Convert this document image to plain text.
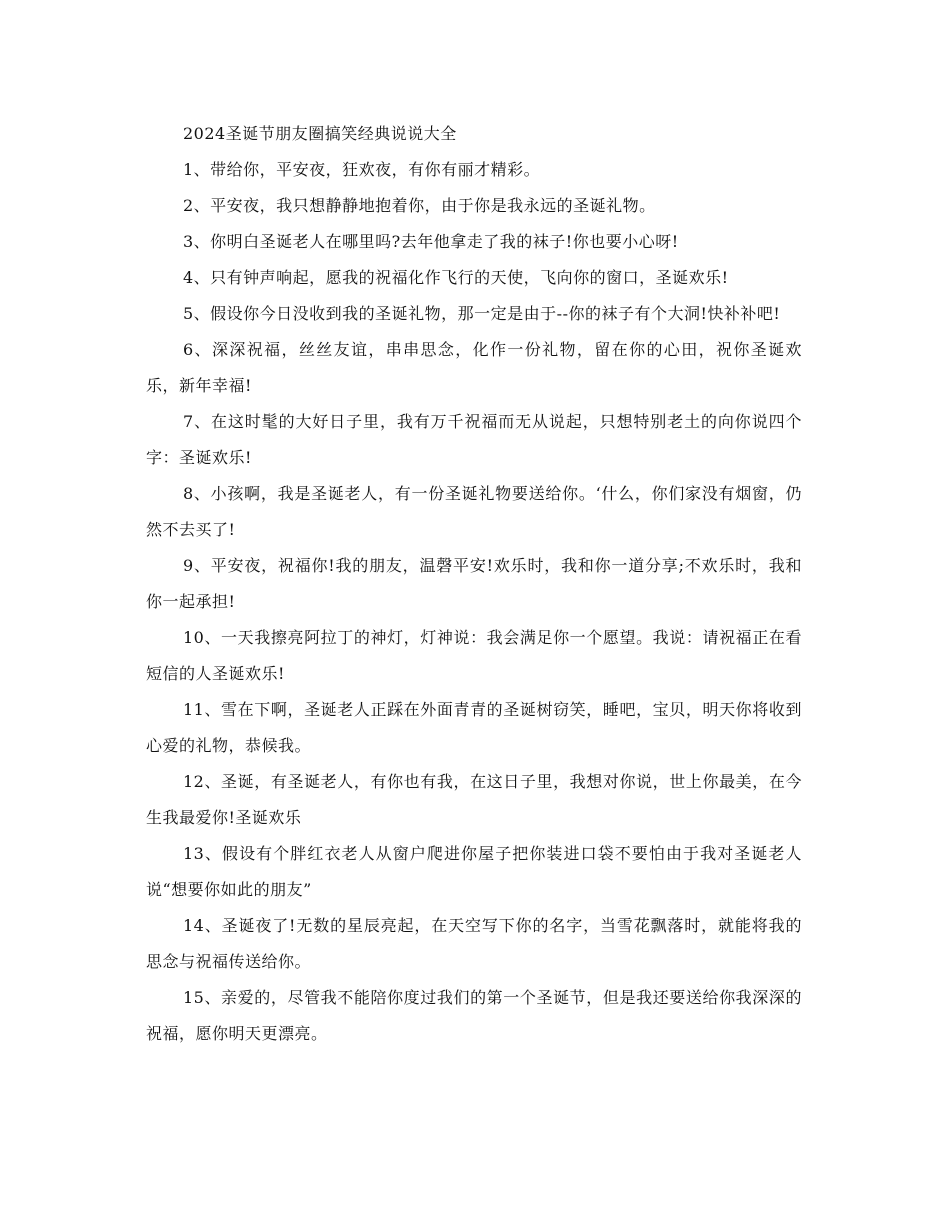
2024圣诞节朋友圈搞笑经典说说大全

1、带给你，平安夜，狂欢夜，有你有丽才精彩。

2、平安夜，我只想静静地抱着你，由于你是我永远的圣诞礼物。

3、你明白圣诞老人在哪里吗?去年他拿走了我的袜子!你也要小心呀!

4、只有钟声响起，愿我的祝福化作飞行的天使，飞向你的窗口，圣诞欢乐!

5、假设你今日没收到我的圣诞礼物，那一定是由于--你的袜子有个大洞!快补补吧!

6、深深祝福，丝丝友谊，串串思念，化作一份礼物，留在你的心田，祝你圣诞欢乐，新年幸福!

7、在这时髦的大好日子里，我有万千祝福而无从说起，只想特别老土的向你说四个字：圣诞欢乐!

8、小孩啊，我是圣诞老人，有一份圣诞礼物要送给你。‘什么，你们家没有烟窗，仍然不去买了!

9、平安夜，祝福你!我的朋友，温磬平安!欢乐时，我和你一道分享;不欢乐时，我和你一起承担!

10、一天我擦亮阿拉丁的神灯，灯神说：我会满足你一个愿望。我说：请祝福正在看短信的人圣诞欢乐!

11、雪在下啊，圣诞老人正踩在外面青青的圣诞树窃笑，睡吧，宝贝，明天你将收到心爱的礼物，恭候我。

12、圣诞，有圣诞老人，有你也有我，在这日子里，我想对你说，世上你最美，在今生我最爱你!圣诞欢乐

13、假设有个胖红衣老人从窗户爬进你屋子把你装进口袋不要怕由于我对圣诞老人说“想要你如此的朋友”

14、圣诞夜了!无数的星辰亮起，在天空写下你的名字，当雪花飘落时，就能将我的思念与祝福传送给你。

15、亲爱的，尽管我不能陪你度过我们的第一个圣诞节，但是我还要送给你我深深的祝福，愿你明天更漂亮。
